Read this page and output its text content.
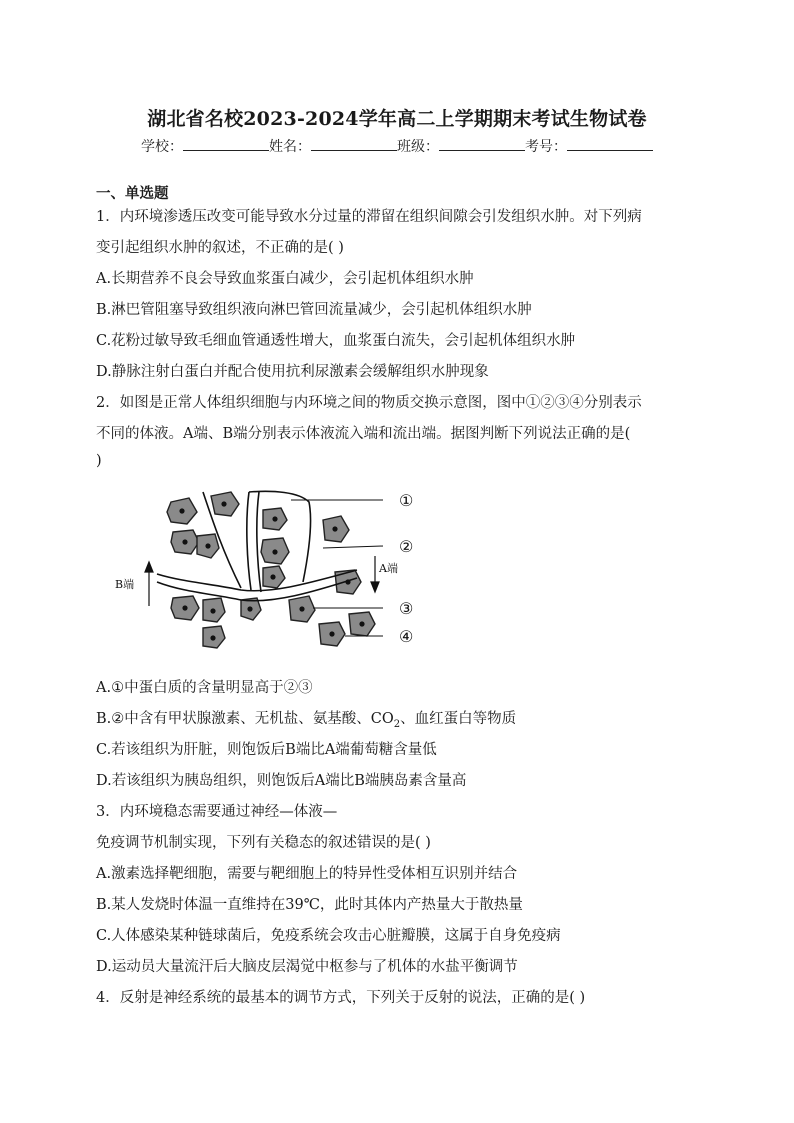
湖北省名校2023-2024学年高二上学期期末考试生物试卷
学校：	姓名：	班级：	考号：
一、单选题
1．内环境渗透压改变可能导致水分过量的滞留在组织间隙会引发组织水肿。对下列病
变引起组织水肿的叙述，不正确的是( )
A.长期营养不良会导致血浆蛋白减少，会引起机体组织水肿
B.淋巴管阻塞导致组织液向淋巴管回流量减少，会引起机体组织水肿
C.花粉过敏导致毛细血管通透性增大，血浆蛋白流失，会引起机体组织水肿
D.静脉注射白蛋白并配合使用抗利尿激素会缓解组织水肿现象
2．如图是正常人体组织细胞与内环境之间的物质交换示意图，图中①②③④分别表示
不同的体液。A端、B端分别表示体液流入端和流出端。据图判断下列说法正确的是(
)
①
②
③
④
A端
B端
A.①中蛋白质的含量明显高于②③
B.②中含有甲状腺激素、无机盐、氨基酸、$CO_2$、血红蛋白等物质
C.若该组织为肝脏，则饱饭后B端比A端葡萄糖含量低
D.若该组织为胰岛组织，则饱饭后A端比B端胰岛素含量高
3．内环境稳态需要通过神经—体液—
免疫调节机制实现，下列有关稳态的叙述错误的是( )
A.激素选择靶细胞，需要与靶细胞上的特异性受体相互识别并结合
B.某人发烧时体温一直维持在39℃，此时其体内产热量大于散热量
C.人体感染某种链球菌后，免疫系统会攻击心脏瓣膜，这属于自身免疫病
D.运动员大量流汗后大脑皮层渴觉中枢参与了机体的水盐平衡调节
4．反射是神经系统的最基本的调节方式，下列关于反射的说法，正确的是( )
